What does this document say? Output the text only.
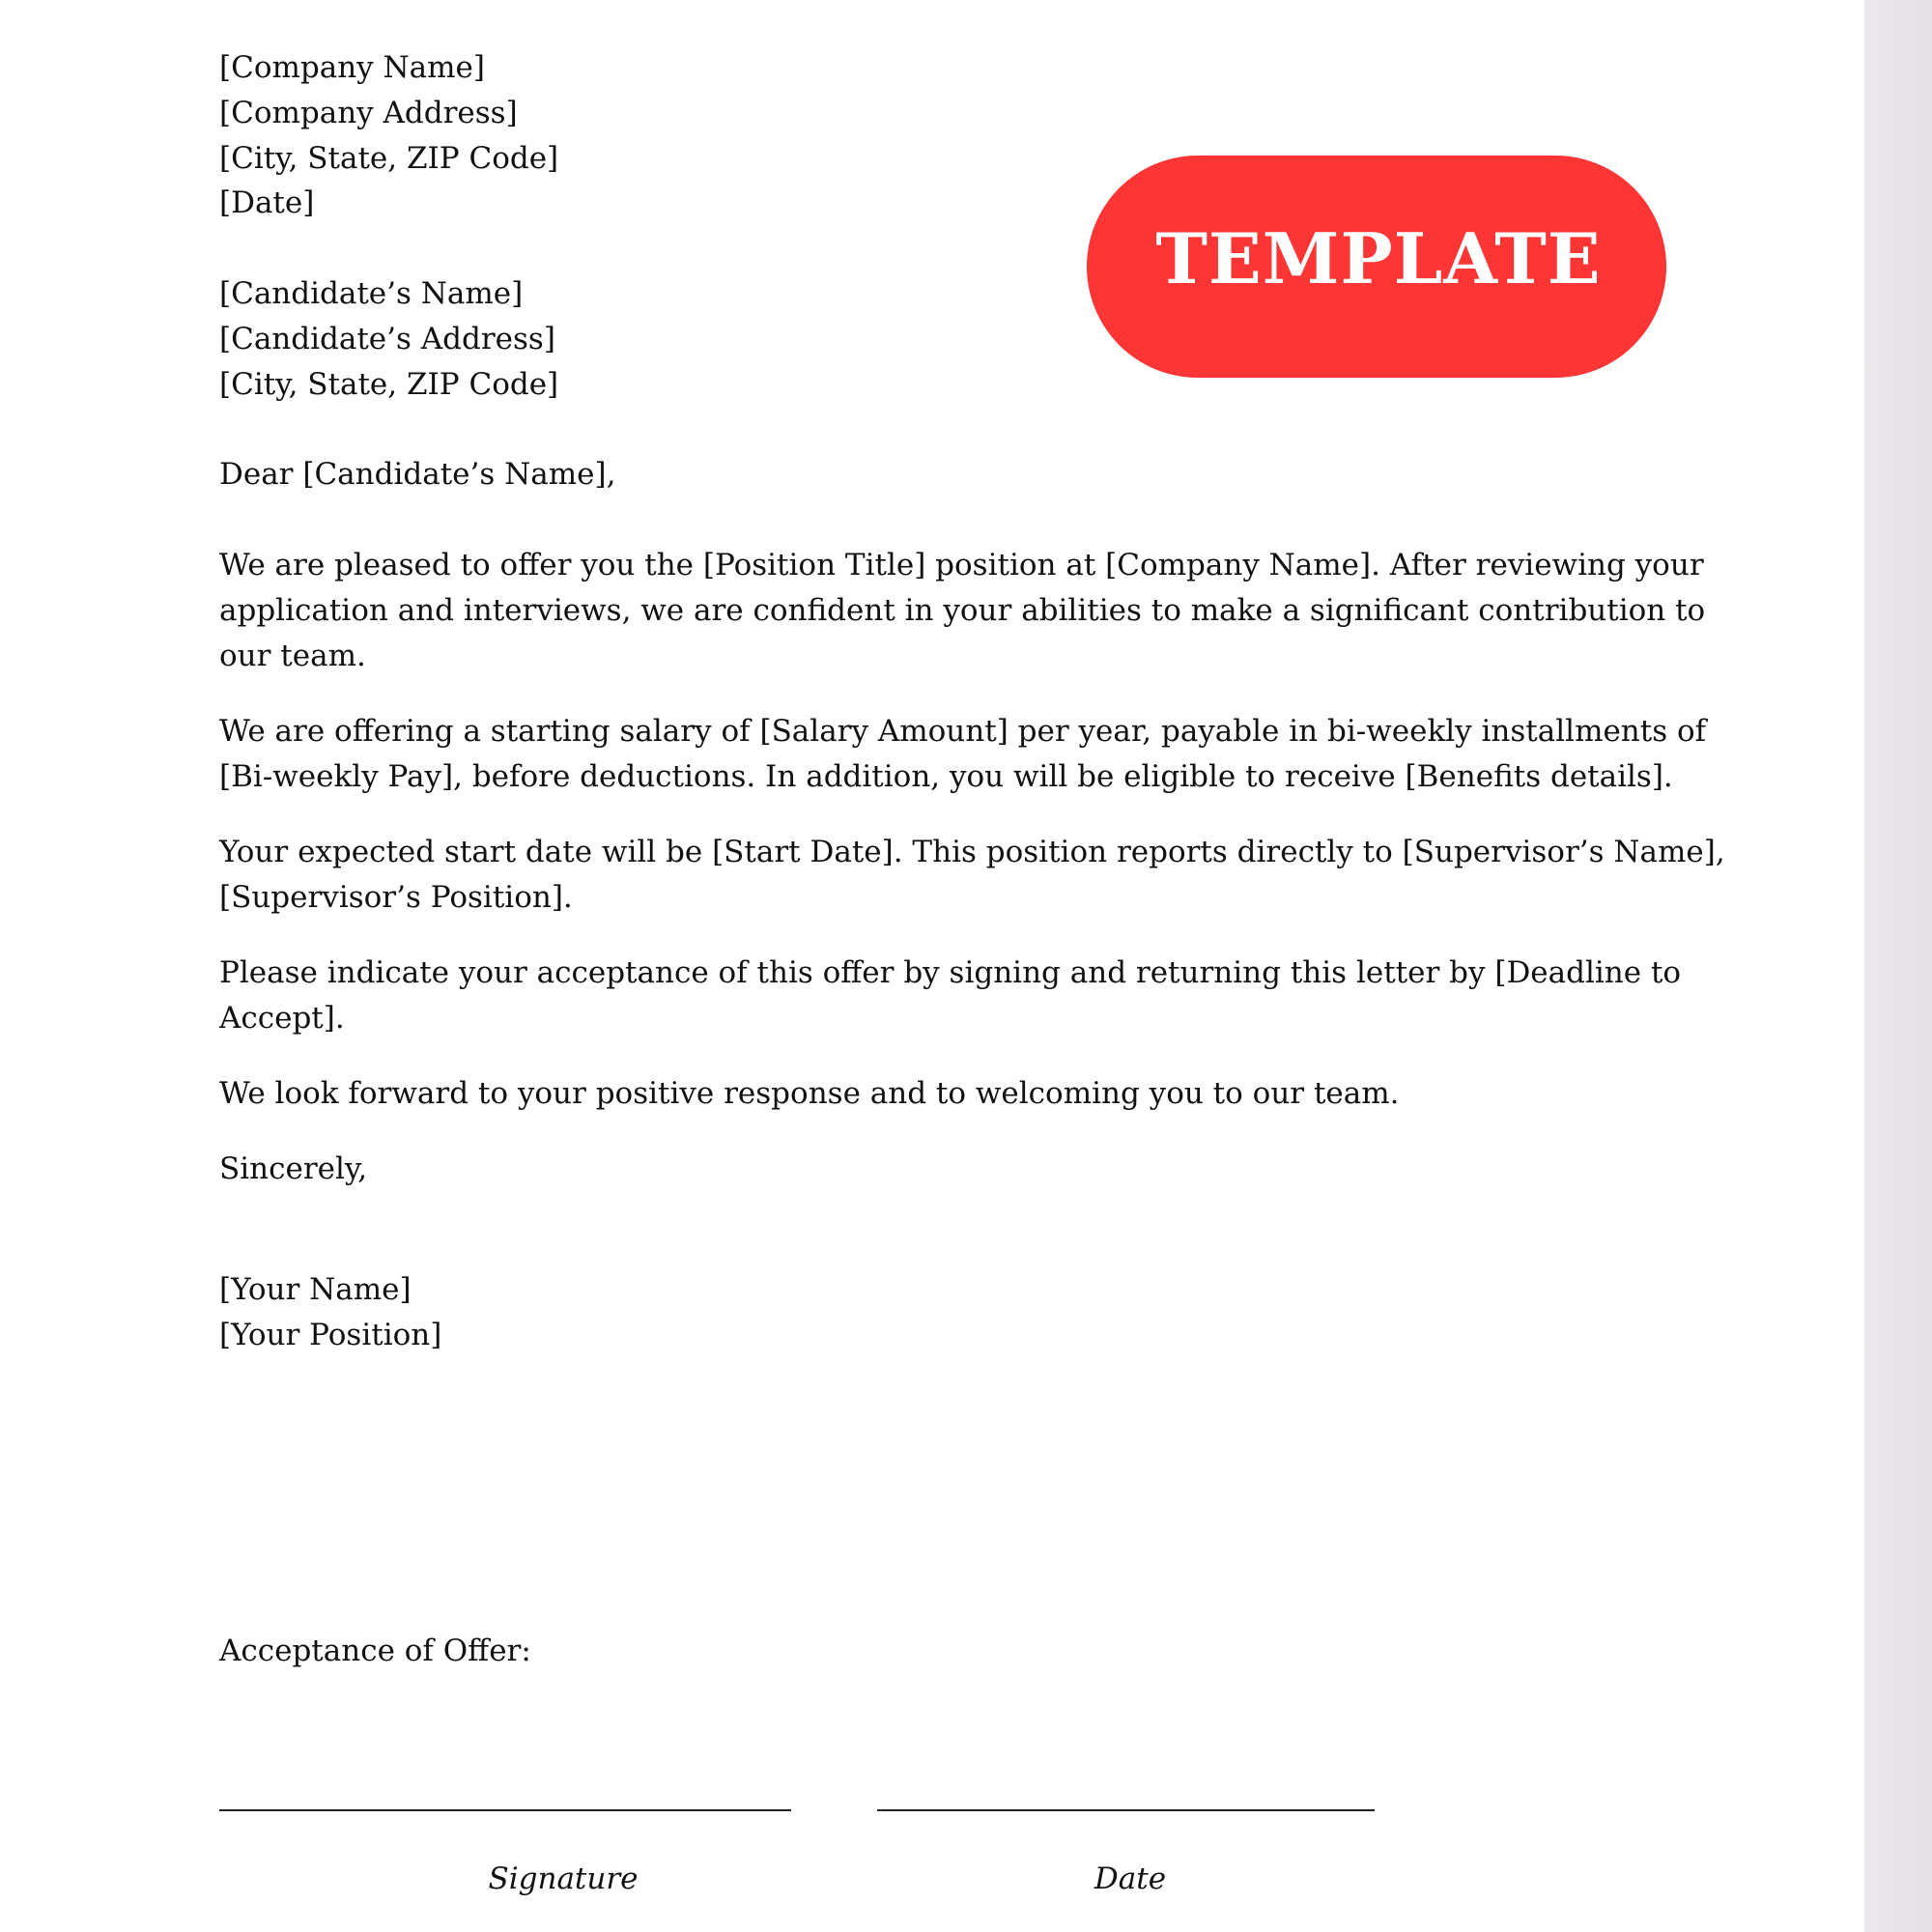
[Company Name]
[Company Address]
[City, State, ZIP Code]
[Date]
[Candidate’s Name]
[Candidate’s Address]
[City, State, ZIP Code]
TEMPLATE
Dear [Candidate’s Name],
We are pleased to offer you the [Position Title] position at [Company Name]. After reviewing your
application and interviews, we are confident in your abilities to make a significant contribution to
our team.
We are offering a starting salary of [Salary Amount] per year, payable in bi-weekly installments of
[Bi-weekly Pay], before deductions. In addition, you will be eligible to receive [Benefits details].
Your expected start date will be [Start Date]. This position reports directly to [Supervisor’s Name],
[Supervisor’s Position].
Please indicate your acceptance of this offer by signing and returning this letter by [Deadline to
Accept].
We look forward to your positive response and to welcoming you to our team.
Sincerely,
[Your Name]
[Your Position]
Acceptance of Offer:
Signature	Date
